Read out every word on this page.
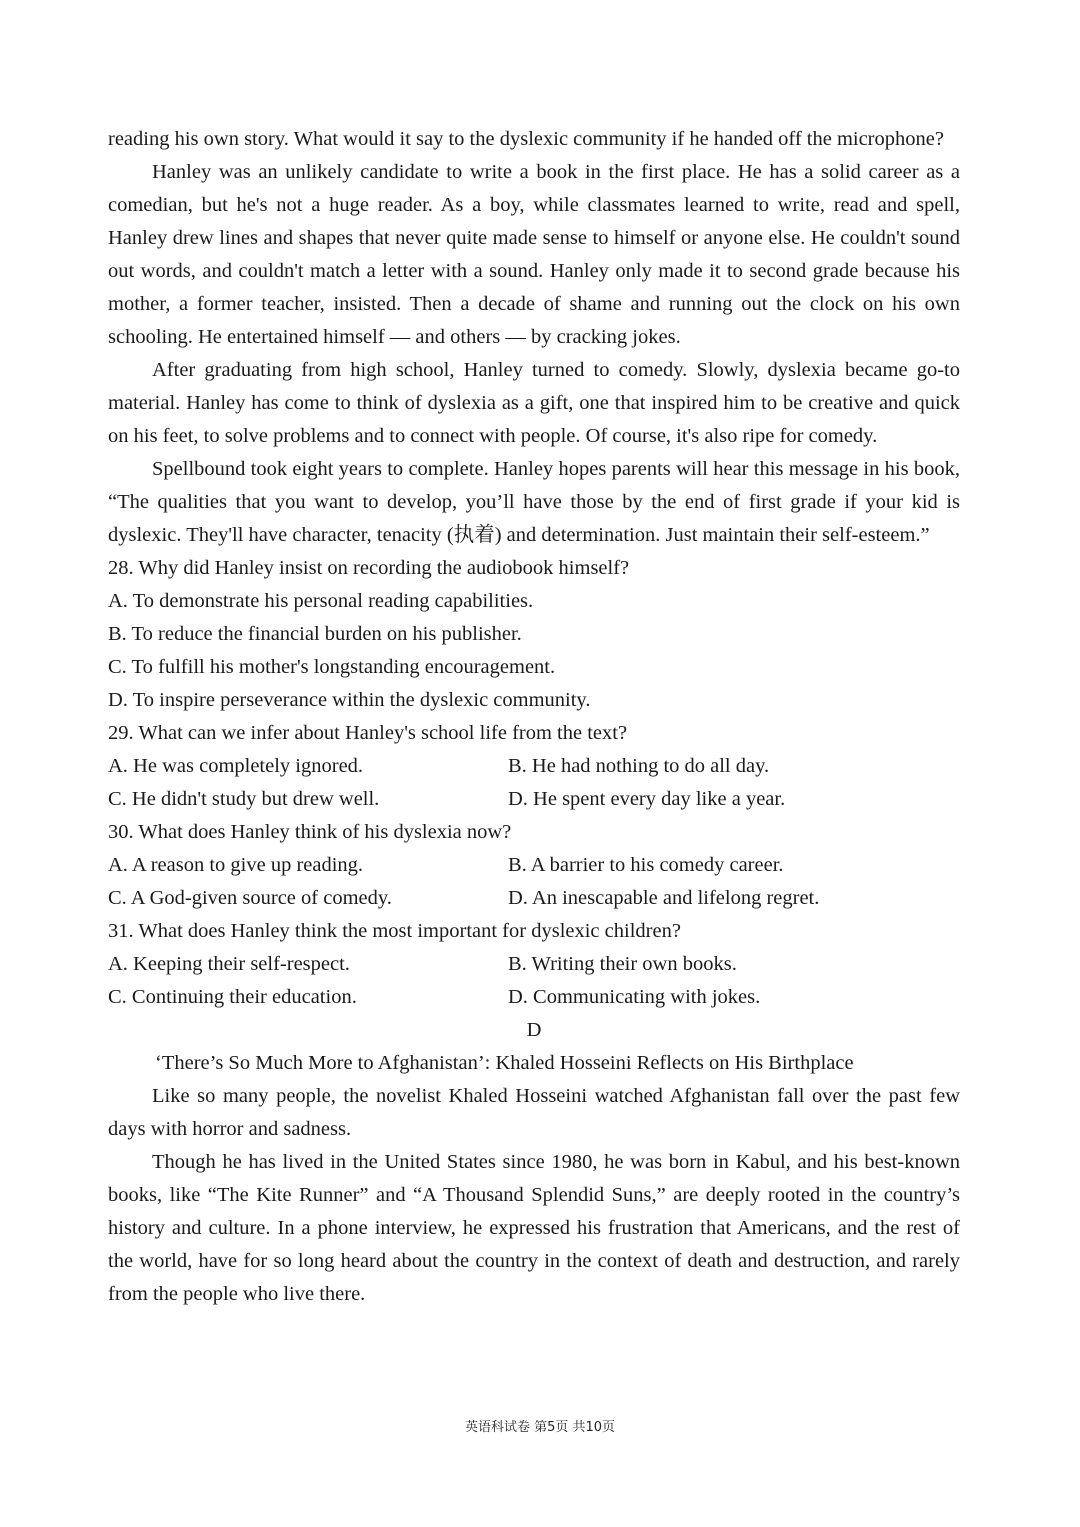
reading his own story. What would it say to the dyslexic community if he handed off the microphone?

Hanley was an unlikely candidate to write a book in the first place. He has a solid career as a comedian, but he's not a huge reader. As a boy, while classmates learned to write, read and spell, Hanley drew lines and shapes that never quite made sense to himself or anyone else. He couldn't sound out words, and couldn't match a letter with a sound. Hanley only made it to second grade because his mother, a former teacher, insisted. Then a decade of shame and running out the clock on his own schooling. He entertained himself — and others — by cracking jokes.

After graduating from high school, Hanley turned to comedy. Slowly, dyslexia became go-to material. Hanley has come to think of dyslexia as a gift, one that inspired him to be creative and quick on his feet, to solve problems and to connect with people. Of course, it's also ripe for comedy.

Spellbound took eight years to complete. Hanley hopes parents will hear this message in his book, “The qualities that you want to develop, you’ll have those by the end of first grade if your kid is dyslexic. They'll have character, tenacity (执着) and determination. Just maintain their self-esteem.”

28. Why did Hanley insist on recording the audiobook himself?

A. To demonstrate his personal reading capabilities.

B. To reduce the financial burden on his publisher.

C. To fulfill his mother's longstanding encouragement.

D. To inspire perseverance within the dyslexic community.

29. What can we infer about Hanley's school life from the text?

A. He was completely ignored.	B. He had nothing to do all day.

C. He didn't study but drew well.	D. He spent every day like a year.

30. What does Hanley think of his dyslexia now?

A. A reason to give up reading.	B. A barrier to his comedy career.

C. A God-given source of comedy.	D. An inescapable and lifelong regret.

31. What does Hanley think the most important for dyslexic children?

A. Keeping their self-respect.	B. Writing their own books.

C. Continuing their education.	D. Communicating with jokes.

D

‘There’s So Much More to Afghanistan’: Khaled Hosseini Reflects on His Birthplace

Like so many people, the novelist Khaled Hosseini watched Afghanistan fall over the past few days with horror and sadness.

Though he has lived in the United States since 1980, he was born in Kabul, and his best-known books, like “The Kite Runner” and “A Thousand Splendid Suns,” are deeply rooted in the country’s history and culture. In a phone interview, he expressed his frustration that Americans, and the rest of the world, have for so long heard about the country in the context of death and destruction, and rarely from the people who live there.

英语科试卷 第5页 共10页
